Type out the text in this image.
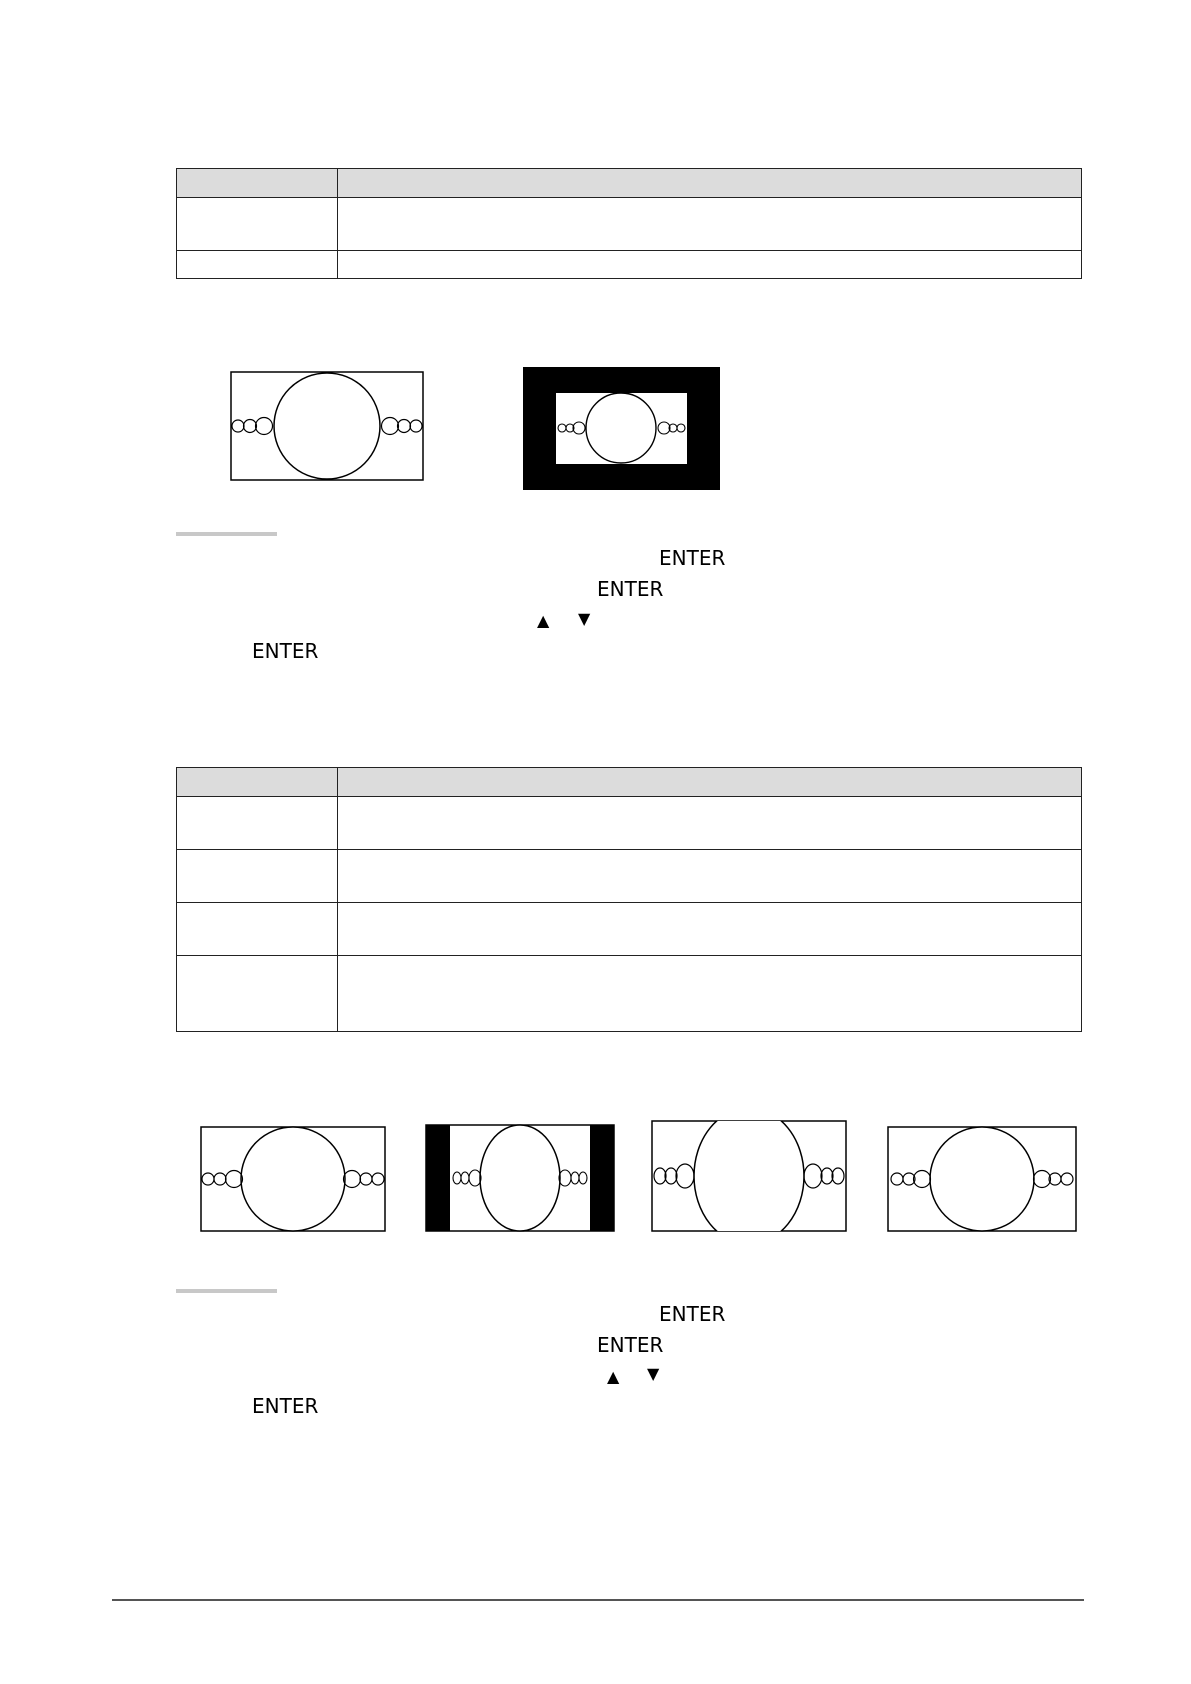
ENTER
ENTER
▲ ▼
ENTER

ENTER
ENTER
▲ ▼
ENTER
